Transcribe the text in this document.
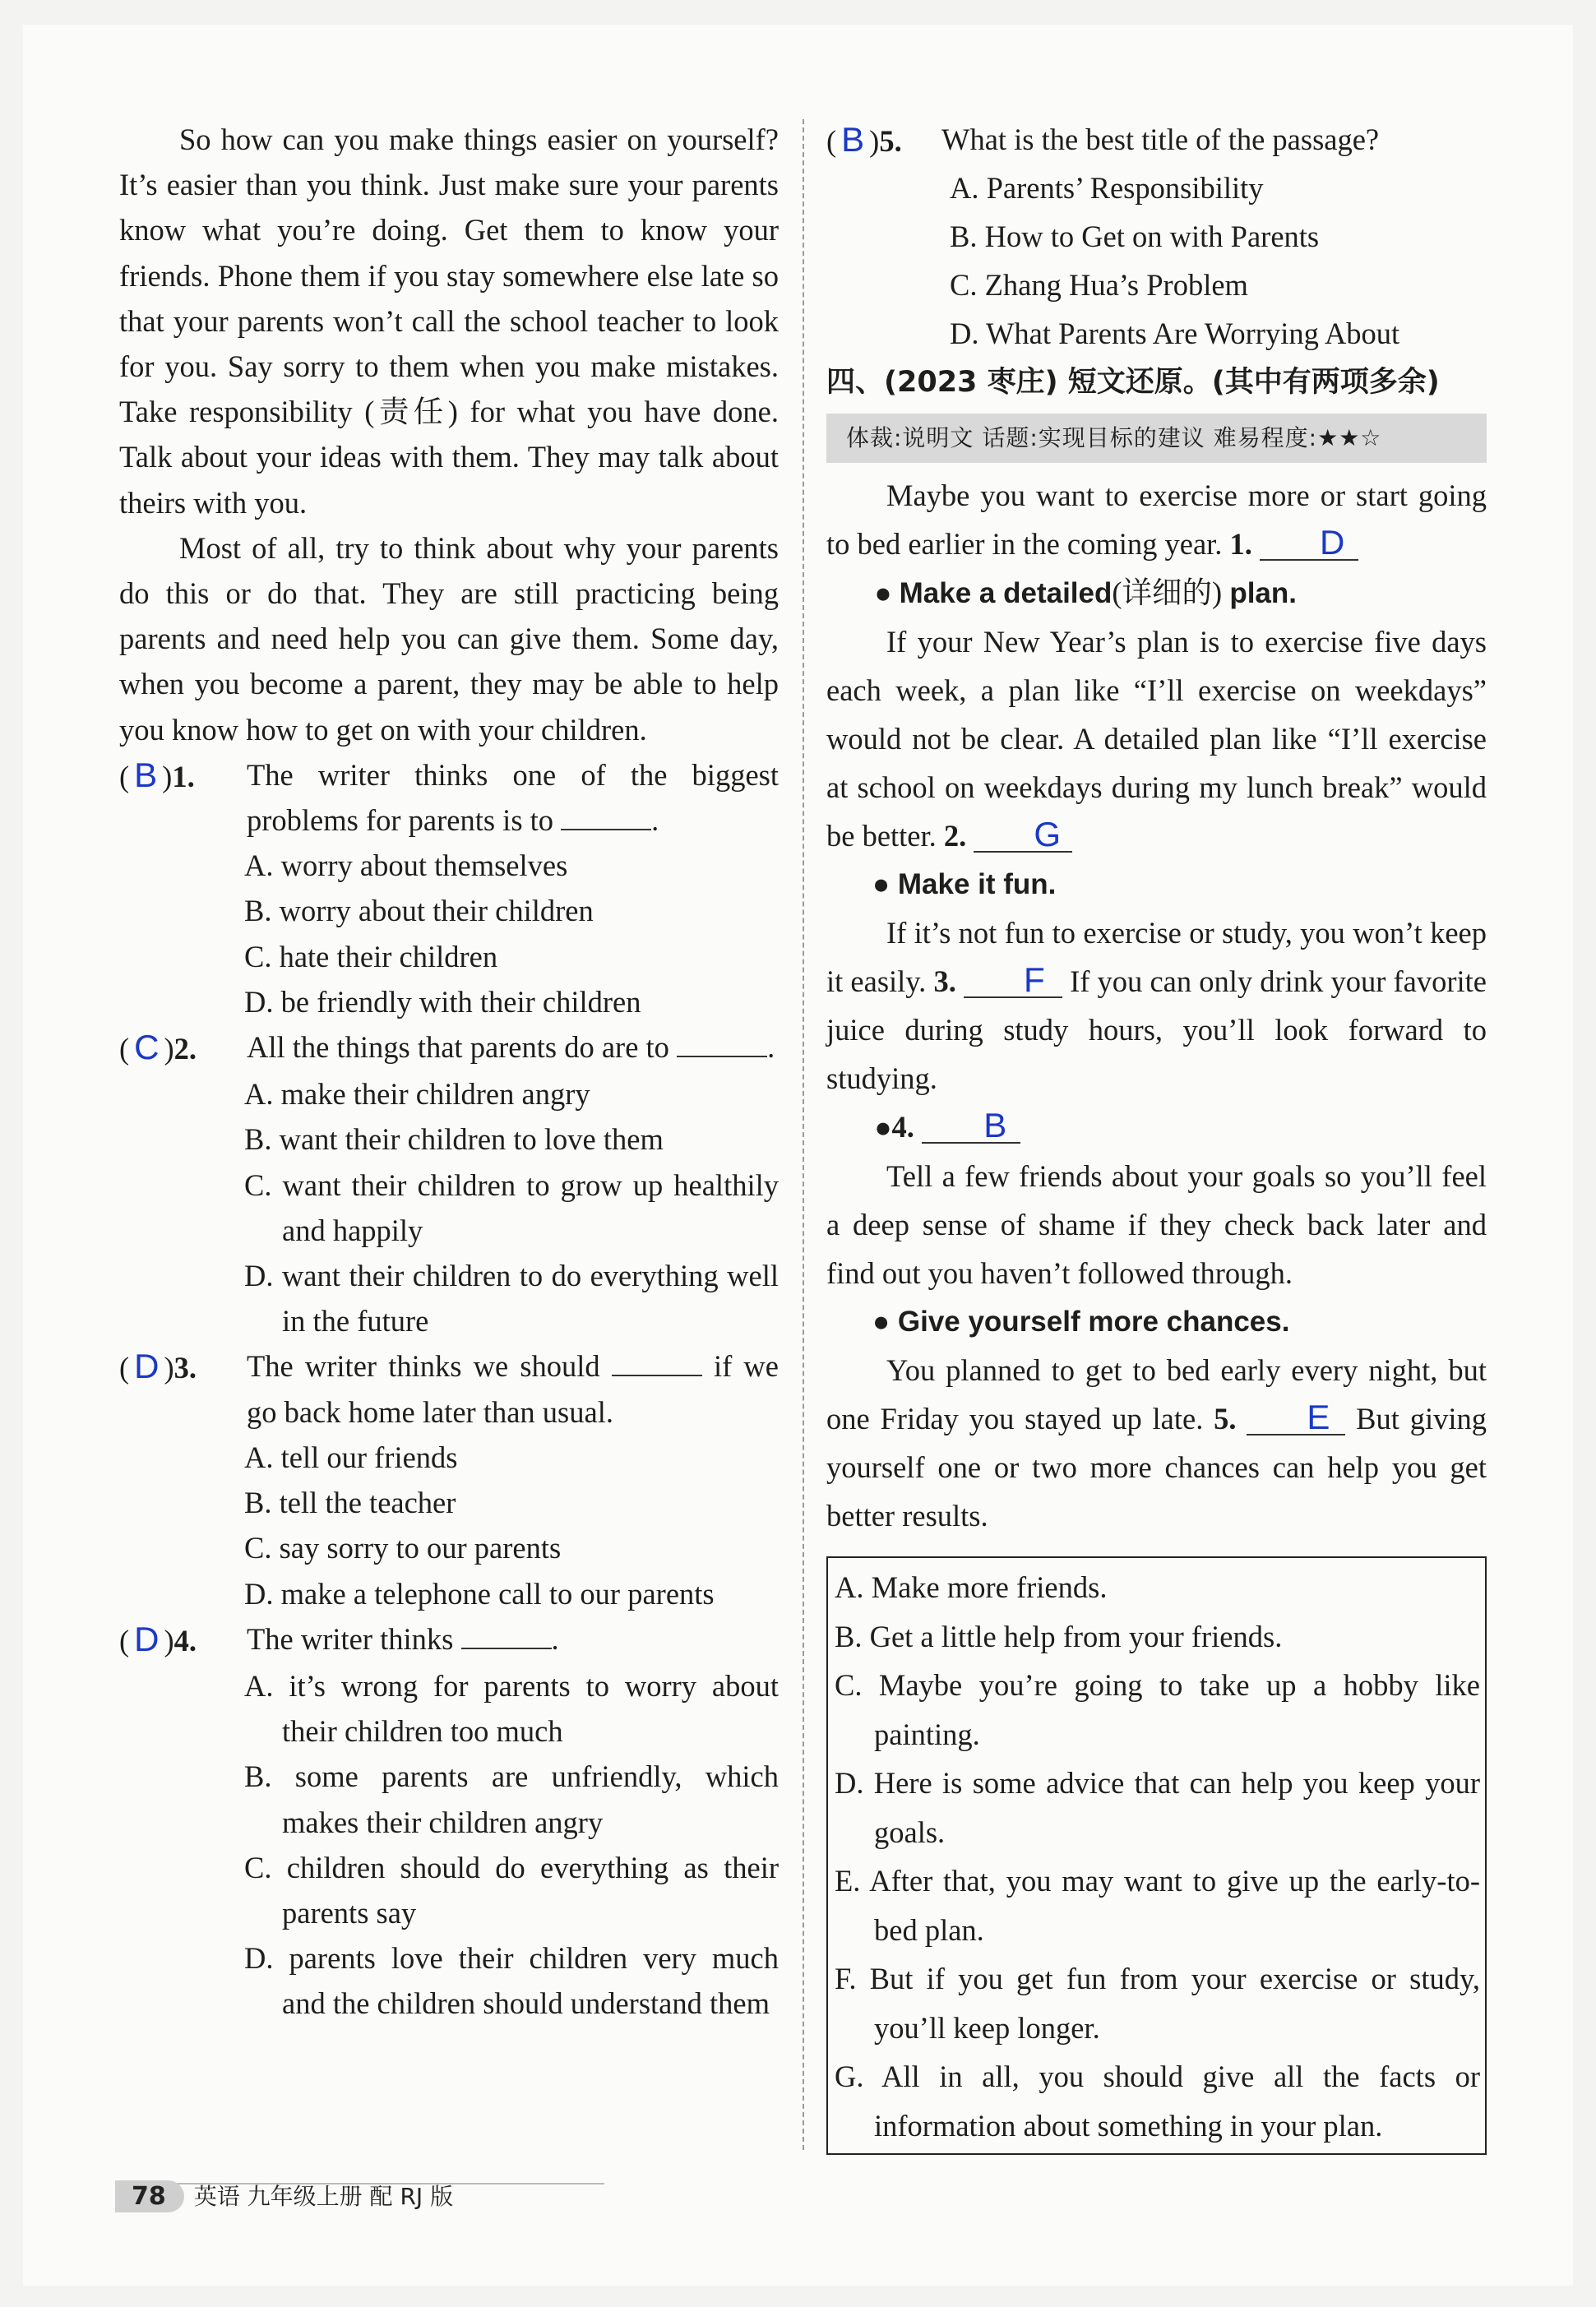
So how can you make things easier on yourself? It’s easier than you think. Just make sure your parents know what you’re doing. Get them to know your friends. Phone them if you stay somewhere else late so that your parents won’t call the school teacher to look for you. Say sorry to them when you make mistakes. Take responsibility (责任) for what you have done. Talk about your ideas with them. They may talk about theirs with you.

Most of all, try to think about why your parents do this or do that. They are still practicing being parents and need help you can give them. Some day, when you become a parent, they may be able to help you know how to get on with your children.

( B )1.	The writer thinks one of the biggest problems for parents is to	.
A. worry about themselves
B. worry about their children
C. hate their children
D. be friendly with their children
( C )2.	All the things that parents do are to	.
A. make their children angry
B. want their children to love them
C. want their children to grow up healthily and happily
D. want their children to do everything well in the future
( D )3.	The writer thinks we should	if we go back home later than usual.
A. tell our friends
B. tell the teacher
C. say sorry to our parents
D. make a telephone call to our parents
( D )4.	The writer thinks	.
A. it’s wrong for parents to worry about their children too much
B. some parents are unfriendly, which makes their children angry
C. children should do everything as their parents say
D. parents love their children very much and the children should understand them
( B )5.	What is the best title of the passage?
A. Parents’ Responsibility
B. How to Get on with Parents
C. Zhang Hua’s Problem
D. What Parents Are Worrying About
四、(2023 枣庄) 短文还原。(其中有两项多余)
体裁:说明文 话题:实现目标的建议 难易程度:★★☆

Maybe you want to exercise more or start going to bed earlier in the coming year. 1. D

● Make a detailed(详细的) plan.

If your New Year’s plan is to exercise five days each week, a plan like “I’ll exercise on weekdays” would not be clear. A detailed plan like “I’ll exercise at school on weekdays during my lunch break” would be better. 2. G

● Make it fun.

If it’s not fun to exercise or study, you won’t keep it easily. 3. F If you can only drink your favorite juice during study hours, you’ll look forward to studying.

●4. B

Tell a few friends about your goals so you’ll feel a deep sense of shame if they check back later and find out you haven’t followed through.

● Give yourself more chances.

You planned to get to bed early every night, but one Friday you stayed up late. 5. E But giving yourself one or two more chances can help you get better results.

A. Make more friends.
B. Get a little help from your friends.
C. Maybe you’re going to take up a hobby like painting.
D. Here is some advice that can help you keep your goals.
E. After that, you may want to give up the early-to-bed plan.
F. But if you get fun from your exercise or study, you’ll keep longer.
G. All in all, you should give all the facts or information about something in your plan.
78 英语 九年级上册 配 RJ 版
